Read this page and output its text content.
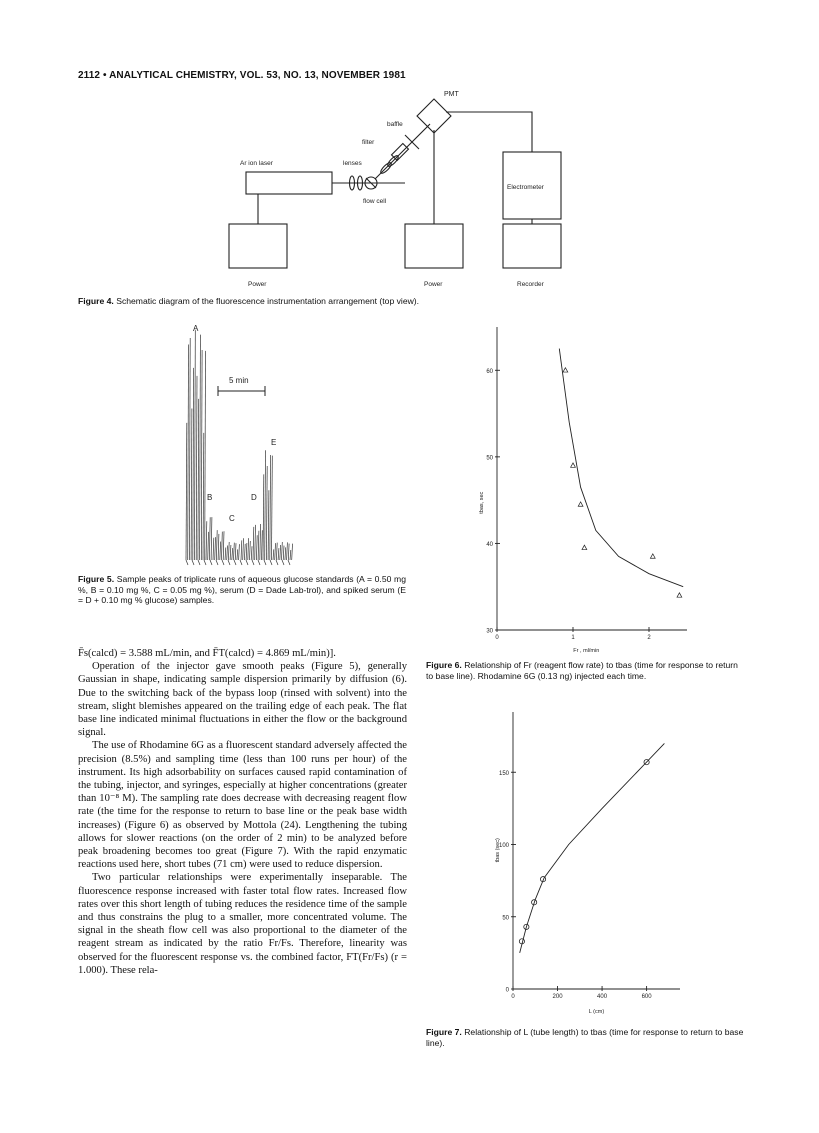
2112 • ANALYTICAL CHEMISTRY, VOL. 53, NO. 13, NOVEMBER 1981
PMT
baffle
filter
Ar ion laser	lenses
flow cell
Electrometer
Power	Power	Recorder
Figure 4. Schematic diagram of the fluorescence instrumentation arrangement (top view).
A
5 min
E
B	D
C
Figure 5. Sample peaks of triplicate runs of aqueous glucose standards (A = 0.50 mg %, B = 0.10 mg %, C = 0.05 mg %), serum (D = Dade Lab-trol), and spiked serum (E = D + 0.10 mg % glucose) samples.
30
40
50
60
0	1	2
Fr , ml/min
tbas, sec
Figure 6. Relationship of Fr (reagent flow rate) to tbas (time for response to return to base line). Rhodamine 6G (0.13 ng) injected each time.
0
50
100
150
0	200	400	600
L (cm)
tbas (sec)
Figure 7. Relationship of L (tube length) to tbas (time for response to return to base line).

F̄s(calcd) = 3.588 mL/min, and F̄T(calcd) = 4.869 mL/min)].

Operation of the injector gave smooth peaks (Figure 5), generally Gaussian in shape, indicating sample dispersion primarily by diffusion (6). Due to the switching back of the bypass loop (rinsed with solvent) into the stream, slight blemishes appeared on the trailing edge of each peak. The flat base line indicated minimal fluctuations in either the flow or the background signal.

The use of Rhodamine 6G as a fluorescent standard adversely affected the precision (8.5%) and sampling time (less than 100 runs per hour) of the instrument. Its high adsorbability on surfaces caused rapid contamination of the tubing, injector, and syringes, especially at higher concentrations (greater than 10⁻⁸ M). The sampling rate does decrease with decreasing reagent flow rate (the time for the response to return to base line or the peak base width increases) (Figure 6) as observed by Mottola (24). Lengthening the tubing allows for slower reactions (on the order of 2 min) to be analyzed before peak broadening becomes too great (Figure 7). With the rapid enzymatic reactions used here, short tubes (71 cm) were used to reduce dispersion.

Two particular relationships were experimentally inseparable. The fluorescence response increased with faster total flow rates. Increased flow rates over this short length of tubing reduces the residence time of the sample and thus constrains the plug to a smaller, more concentrated volume. The signal in the sheath flow cell was also proportional to the diameter of the reagent stream as indicated by the ratio Fr/Fs. Therefore, linearity was observed for the fluorescent response vs. the combined factor, FT(Fr/Fs) (r = 1.000). These rela-
